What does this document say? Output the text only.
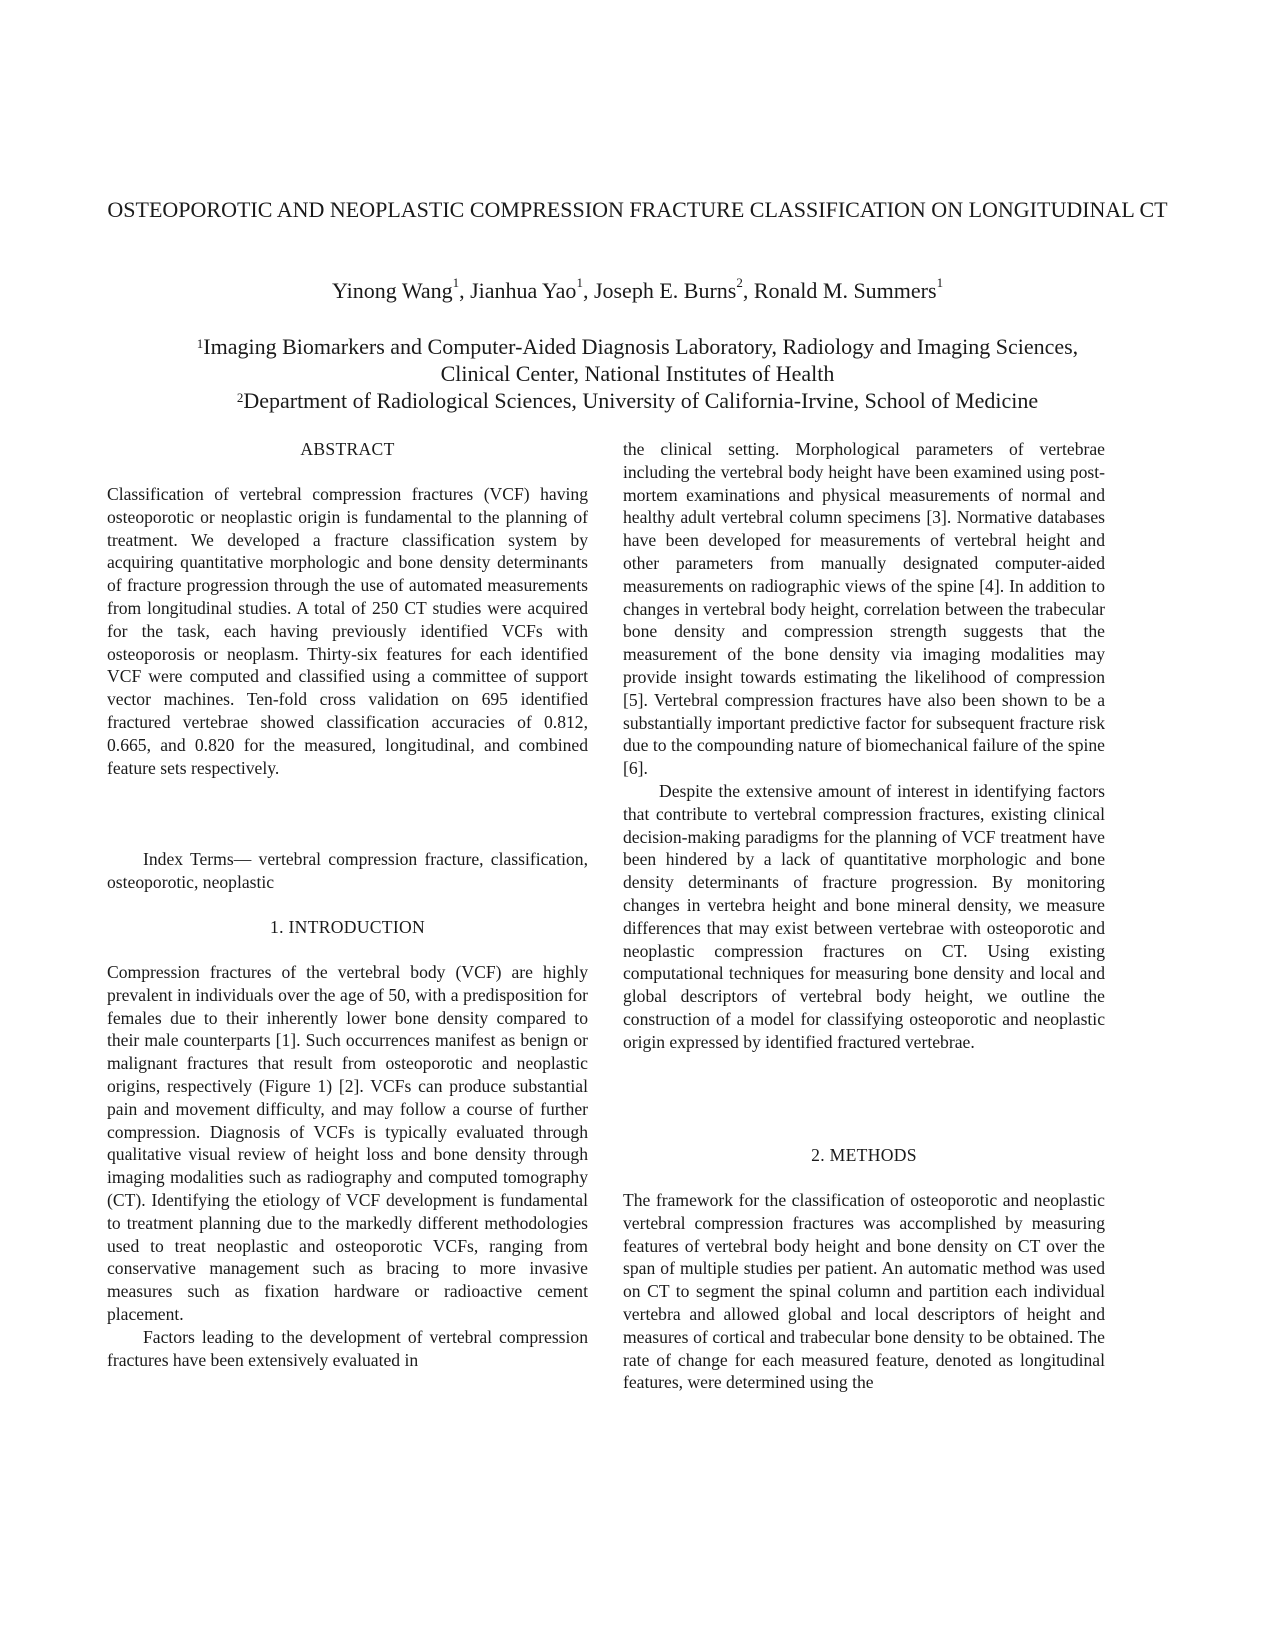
OSTEOPOROTIC AND NEOPLASTIC COMPRESSION FRACTURE CLASSIFICATION ON LONGITUDINAL CT
Yinong Wang$^1$, Jianhua Yao$^1$, Joseph E. Burns$^2$, Ronald M. Summers$^1$
$^1$Imaging Biomarkers and Computer-Aided Diagnosis Laboratory, Radiology and Imaging Sciences,
Clinical Center, National Institutes of Health
$^2$Department of Radiological Sciences, University of California-Irvine, School of Medicine
ABSTRACT

Classification of vertebral compression fractures (VCF) having osteoporotic or neoplastic origin is fundamental to the planning of treatment. We developed a fracture classification system by acquiring quantitative morphologic and bone density determinants of fracture progression through the use of automated measurements from longitudinal studies. A total of 250 CT studies were acquired for the task, each having previously identified VCFs with osteoporosis or neoplasm. Thirty-six features for each identified VCF were computed and classified using a committee of support vector machines. Ten-fold cross validation on 695 identified fractured vertebrae showed classification accuracies of 0.812, 0.665, and 0.820 for the measured, longitudinal, and combined feature sets respectively.

Index Terms— vertebral compression fracture, classification, osteoporotic, neoplastic

1. INTRODUCTION

Compression fractures of the vertebral body (VCF) are highly prevalent in individuals over the age of 50, with a predisposition for females due to their inherently lower bone density compared to their male counterparts [1]. Such occurrences manifest as benign or malignant fractures that result from osteoporotic and neoplastic origins, respectively (Figure 1) [2]. VCFs can produce substantial pain and movement difficulty, and may follow a course of further compression. Diagnosis of VCFs is typically evaluated through qualitative visual review of height loss and bone density through imaging modalities such as radiography and computed tomography (CT). Identifying the etiology of VCF development is fundamental to treatment planning due to the markedly different methodologies used to treat neoplastic and osteoporotic VCFs, ranging from conservative management such as bracing to more invasive measures such as fixation hardware or radioactive cement placement.

Factors leading to the development of vertebral compression fractures have been extensively evaluated in

the clinical setting. Morphological parameters of vertebrae including the vertebral body height have been examined using post-mortem examinations and physical measurements of normal and healthy adult vertebral column specimens [3]. Normative databases have been developed for measurements of vertebral height and other parameters from manually designated computer-aided measurements on radiographic views of the spine [4]. In addition to changes in vertebral body height, correlation between the trabecular bone density and compression strength suggests that the measurement of the bone density via imaging modalities may provide insight towards estimating the likelihood of compression [5]. Vertebral compression fractures have also been shown to be a substantially important predictive factor for subsequent fracture risk due to the compounding nature of biomechanical failure of the spine [6].

Despite the extensive amount of interest in identifying factors that contribute to vertebral compression fractures, existing clinical decision-making paradigms for the planning of VCF treatment have been hindered by a lack of quantitative morphologic and bone density determinants of fracture progression. By monitoring changes in vertebra height and bone mineral density, we measure differences that may exist between vertebrae with osteoporotic and neoplastic compression fractures on CT. Using existing computational techniques for measuring bone density and local and global descriptors of vertebral body height, we outline the construction of a model for classifying osteoporotic and neoplastic origin expressed by identified fractured vertebrae.

2. METHODS

The framework for the classification of osteoporotic and neoplastic vertebral compression fractures was accomplished by measuring features of vertebral body height and bone density on CT over the span of multiple studies per patient. An automatic method was used on CT to segment the spinal column and partition each individual vertebra and allowed global and local descriptors of height and measures of cortical and trabecular bone density to be obtained. The rate of change for each measured feature, denoted as longitudinal features, were determined using the
